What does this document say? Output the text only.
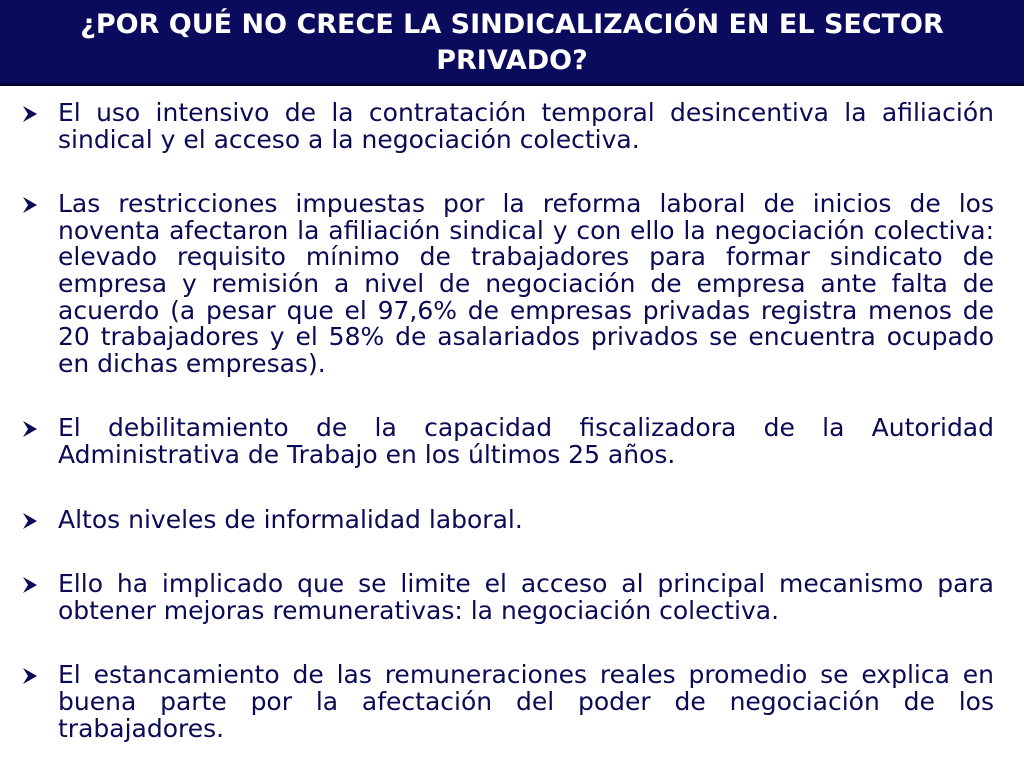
¿POR QUÉ NO CRECE LA SINDICALIZACIÓN EN EL SECTOR PRIVADO?
El uso intensivo de la contratación temporal desincentiva la afiliación sindical y el acceso a la negociación colectiva.
Las restricciones impuestas por la reforma laboral de inicios de los noventa afectaron la afiliación sindical y con ello la negociación colectiva: elevado requisito mínimo de trabajadores para formar sindicato de empresa y remisión a nivel de negociación de empresa ante falta de acuerdo (a pesar que el 97,6% de empresas privadas registra menos de 20 trabajadores y el 58% de asalariados privados se encuentra ocupado en dichas empresas).
El debilitamiento de la capacidad fiscalizadora de la Autoridad Administrativa de Trabajo en los últimos 25 años.
Altos niveles de informalidad laboral.
Ello ha implicado que se limite el acceso al principal mecanismo para obtener mejoras remunerativas: la negociación colectiva.
El estancamiento de las remuneraciones reales promedio se explica en buena parte por la afectación del poder de negociación de los trabajadores.
